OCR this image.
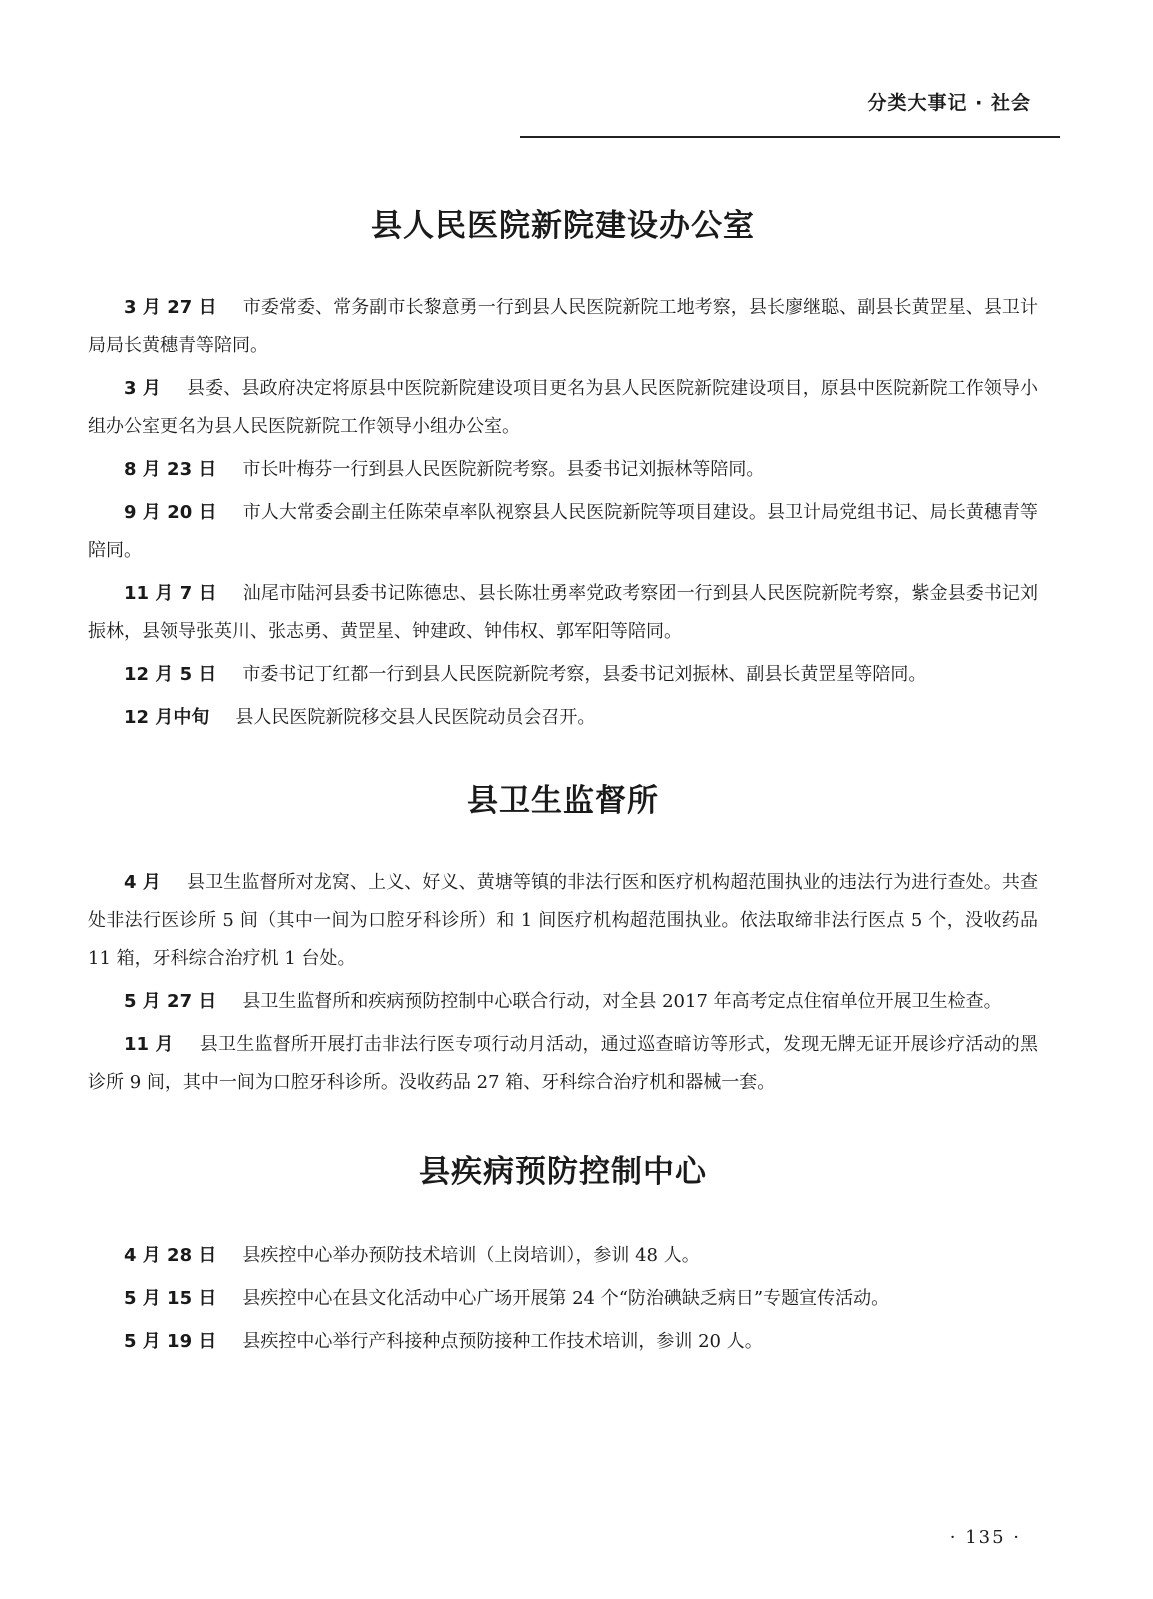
分类大事记 · 社会
县人民医院新院建设办公室

3 月 27 日 市委常委、常务副市长黎意勇一行到县人民医院新院工地考察，县长廖继聪、副县长黄罡星、县卫计局局长黄穗青等陪同。

3 月 县委、县政府决定将原县中医院新院建设项目更名为县人民医院新院建设项目，原县中医院新院工作领导小组办公室更名为县人民医院新院工作领导小组办公室。

8 月 23 日 市长叶梅芬一行到县人民医院新院考察。县委书记刘振林等陪同。

9 月 20 日 市人大常委会副主任陈荣卓率队视察县人民医院新院等项目建设。县卫计局党组书记、局长黄穗青等陪同。

11 月 7 日 汕尾市陆河县委书记陈德忠、县长陈壮勇率党政考察团一行到县人民医院新院考察，紫金县委书记刘振林，县领导张英川、张志勇、黄罡星、钟建政、钟伟权、郭军阳等陪同。

12 月 5 日 市委书记丁红都一行到县人民医院新院考察，县委书记刘振林、副县长黄罡星等陪同。

12 月中旬 县人民医院新院移交县人民医院动员会召开。

县卫生监督所

4 月 县卫生监督所对龙窝、上义、好义、黄塘等镇的非法行医和医疗机构超范围执业的违法行为进行查处。共查处非法行医诊所 5 间（其中一间为口腔牙科诊所）和 1 间医疗机构超范围执业。依法取缔非法行医点 5 个，没收药品 11 箱，牙科综合治疗机 1 台处。

5 月 27 日 县卫生监督所和疾病预防控制中心联合行动，对全县 2017 年高考定点住宿单位开展卫生检查。

11 月 县卫生监督所开展打击非法行医专项行动月活动，通过巡查暗访等形式，发现无牌无证开展诊疗活动的黑诊所 9 间，其中一间为口腔牙科诊所。没收药品 27 箱、牙科综合治疗机和器械一套。

县疾病预防控制中心

4 月 28 日 县疾控中心举办预防技术培训（上岗培训），参训 48 人。

5 月 15 日 县疾控中心在县文化活动中心广场开展第 24 个“防治碘缺乏病日”专题宣传活动。

5 月 19 日 县疾控中心举行产科接种点预防接种工作技术培训，参训 20 人。

· 135 ·
